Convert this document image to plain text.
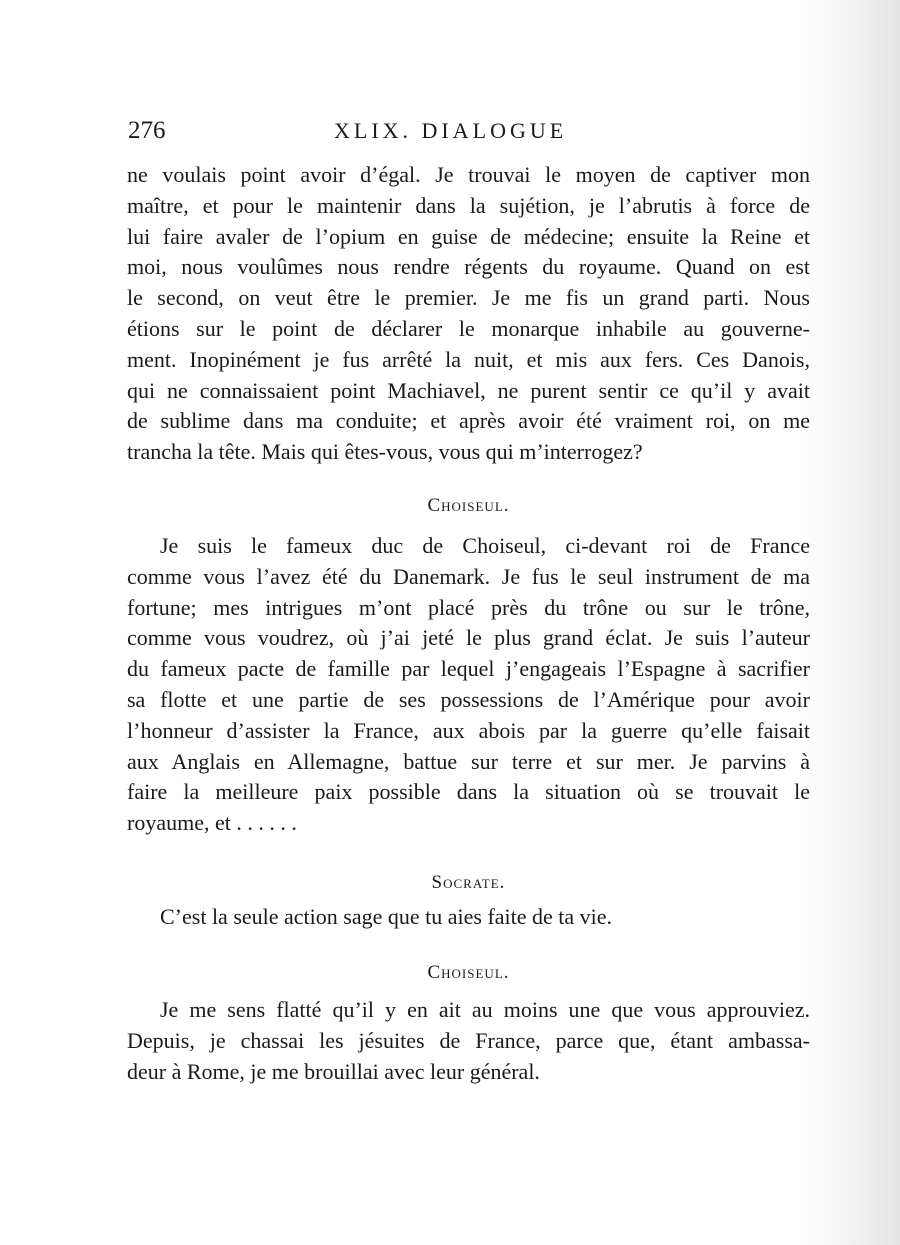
276	XLIX. DIALOGUE
ne voulais point avoir d’égal. Je trouvai le moyen de captiver mon
maître, et pour le maintenir dans la sujétion, je l’abrutis à force de
lui faire avaler de l’opium en guise de médecine; ensuite la Reine et
moi, nous voulûmes nous rendre régents du royaume. Quand on est
le second, on veut être le premier. Je me fis un grand parti. Nous
étions sur le point de déclarer le monarque inhabile au gouverne-
ment. Inopinément je fus arrêté la nuit, et mis aux fers. Ces Danois,
qui ne connaissaient point Machiavel, ne purent sentir ce qu’il y avait
de sublime dans ma conduite; et après avoir été vraiment roi, on me
trancha la tête. Mais qui êtes-vous, vous qui m’interrogez?
Choiseul.
Je suis le fameux duc de Choiseul, ci-devant roi de France
comme vous l’avez été du Danemark. Je fus le seul instrument de ma
fortune; mes intrigues m’ont placé près du trône ou sur le trône,
comme vous voudrez, où j’ai jeté le plus grand éclat. Je suis l’auteur
du fameux pacte de famille par lequel j’engageais l’Espagne à sacrifier
sa flotte et une partie de ses possessions de l’Amérique pour avoir
l’honneur d’assister la France, aux abois par la guerre qu’elle faisait
aux Anglais en Allemagne, battue sur terre et sur mer. Je parvins à
faire la meilleure paix possible dans la situation où se trouvait le
royaume, et . . . . . .
Socrate.
C’est la seule action sage que tu aies faite de ta vie.
Choiseul.
Je me sens flatté qu’il y en ait au moins une que vous approuviez.
Depuis, je chassai les jésuites de France, parce que, étant ambassa-
deur à Rome, je me brouillai avec leur général.
